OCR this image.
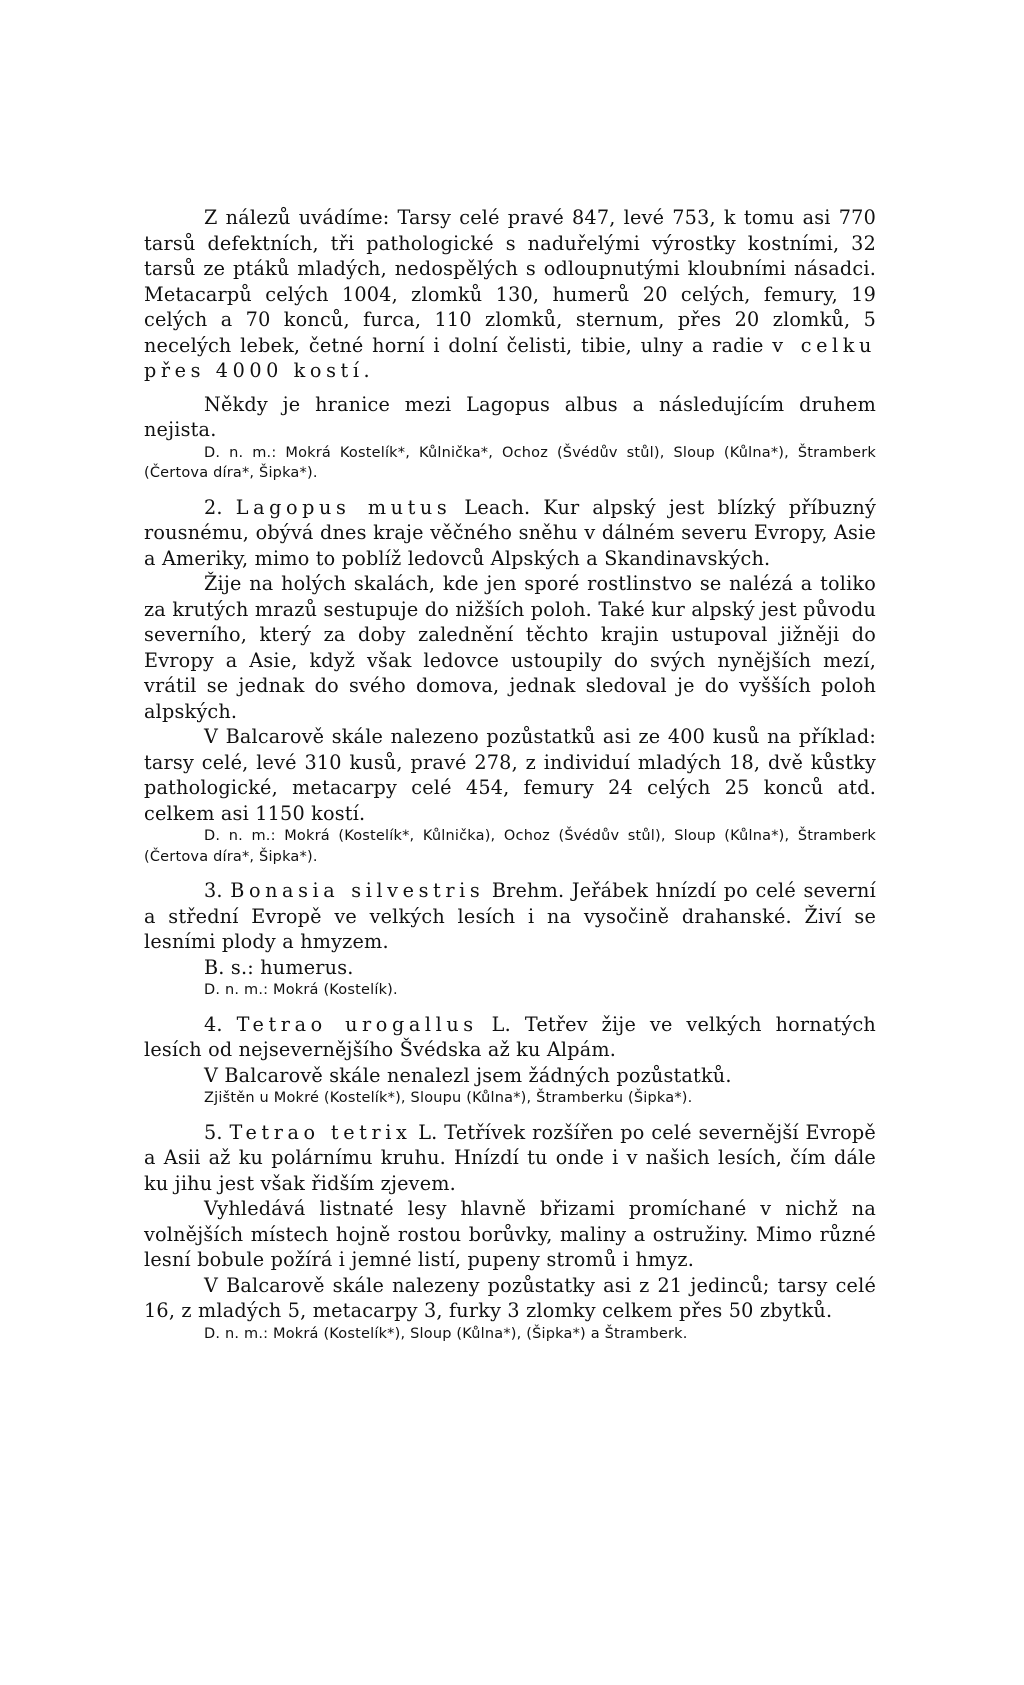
Z nálezů uvádíme: Tarsy celé pravé 847, levé 753, k tomu asi 770 tarsů defektních, tři pathologické s naduřelými výrostky kostními, 32 tarsů ze ptáků mladých, nedospělých s odloupnutými kloubními násadci. Metacarpů celých 1004, zlomků 130, humerů 20 celých, femury, 19 celých a 70 konců, furca, 110 zlomků, sternum, přes 20 zlomků, 5 necelých lebek, četné horní i dolní čelisti, tibie, ulny a radie v celku přes 4000 kostí.

Někdy je hranice mezi Lagopus albus a následujícím druhem nejista.

D. n. m.: Mokrá Kostelík*, Kůlnička*, Ochoz (Švédův stůl), Sloup (Kůlna*), Štramberk (Čertova díra*, Šipka*).

2. Lagopus mutus Leach. Kur alpský jest blízký příbuzný rousnému, obývá dnes kraje věčného sněhu v dálném severu Evropy, Asie a Ameriky, mimo to poblíž ledovců Alpských a Skandinavských.

Žije na holých skalách, kde jen sporé rostlinstvo se nalézá a toliko za krutých mrazů sestupuje do nižších poloh. Také kur alpský jest původu severního, který za doby zalednění těchto krajin ustupoval jižněji do Evropy a Asie, když však ledovce ustoupily do svých nynějších mezí, vrátil se jednak do svého domova, jednak sledoval je do vyšších poloh alpských.

V Balcarově skále nalezeno pozůstatků asi ze 400 kusů na příklad: tarsy celé, levé 310 kusů, pravé 278, z individuí mladých 18, dvě kůstky pathologické, metacarpy celé 454, femury 24 celých 25 konců atd. celkem asi 1150 kostí.

D. n. m.: Mokrá (Kostelík*, Kůlnička), Ochoz (Švédův stůl), Sloup (Kůlna*), Štramberk (Čertova díra*, Šipka*).

3. Bonasia silvestris Brehm. Jeřábek hnízdí po celé severní a střední Evropě ve velkých lesích i na vysočině drahanské. Živí se lesními plody a hmyzem.

B. s.: humerus.

D. n. m.: Mokrá (Kostelík).

4. Tetrao urogallus L. Tetřev žije ve velkých hornatých lesích od nejsevernějšího Švédska až ku Alpám.

V Balcarově skále nenalezl jsem žádných pozůstatků.

Zjištěn u Mokré (Kostelík*), Sloupu (Kůlna*), Štramberku (Šipka*).

5. Tetrao tetrix L. Tetřívek rozšířen po celé severnější Evropě a Asii až ku polárnímu kruhu. Hnízdí tu onde i v našich lesích, čím dále ku jihu jest však řidším zjevem.

Vyhledává listnaté lesy hlavně břizami promíchané v nichž na volnějších místech hojně rostou borůvky, maliny a ostružiny. Mimo různé lesní bobule požírá i jemné listí, pupeny stromů i hmyz.

V Balcarově skále nalezeny pozůstatky asi z 21 jedinců; tarsy celé 16, z mladých 5, metacarpy 3, furky 3 zlomky celkem přes 50 zbytků.

D. n. m.: Mokrá (Kostelík*), Sloup (Kůlna*), (Šipka*) a Štramberk.
